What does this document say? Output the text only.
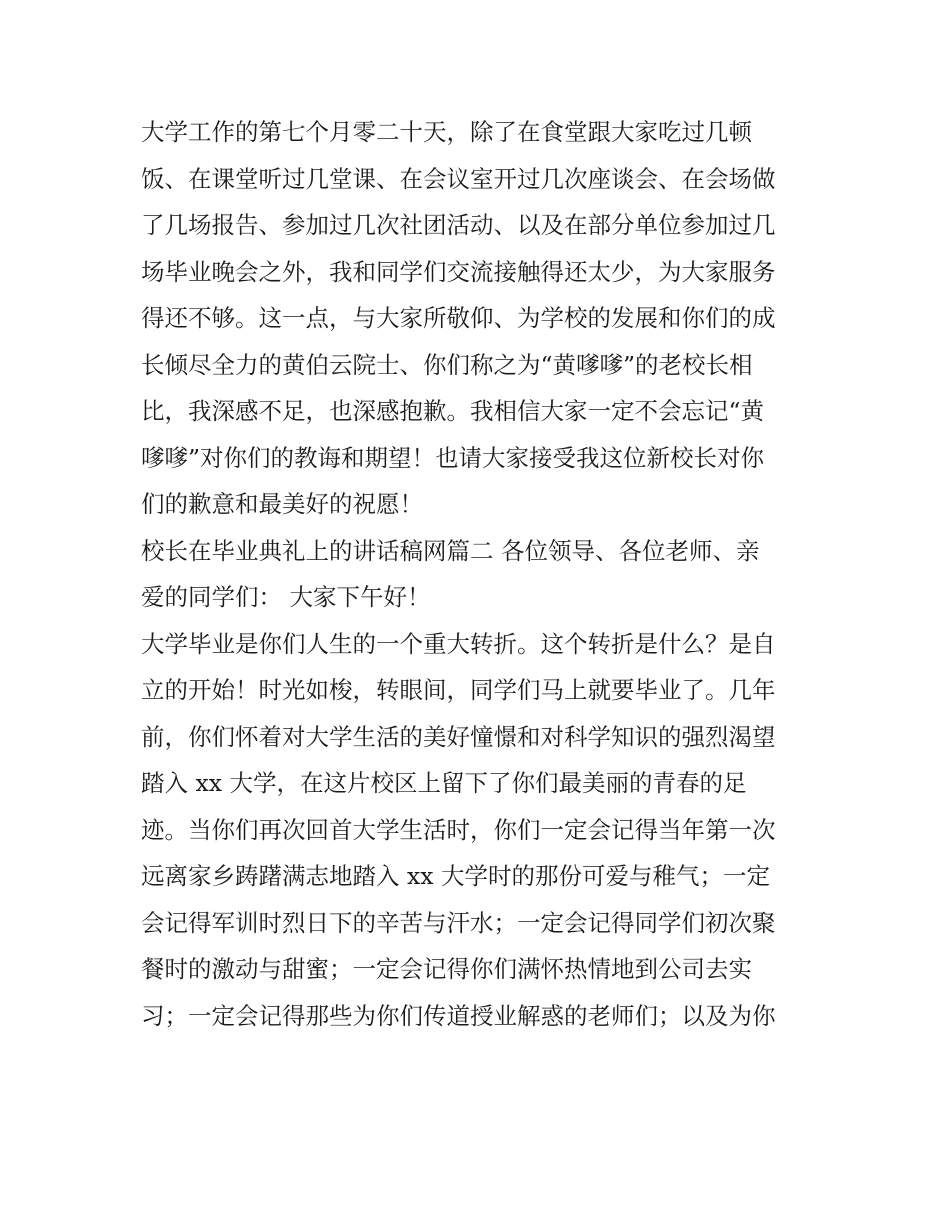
大学工作的第七个月零二十天，除了在食堂跟大家吃过几顿
饭、在课堂听过几堂课、在会议室开过几次座谈会、在会场做
了几场报告、参加过几次社团活动、以及在部分单位参加过几
场毕业晚会之外，我和同学们交流接触得还太少，为大家服务
得还不够。这一点，与大家所敬仰、为学校的发展和你们的成
长倾尽全力的黄伯云院士、你们称之为“黄嗲嗲”的老校长相
比，我深感不足，也深感抱歉。我相信大家一定不会忘记“黄
嗲嗲”对你们的教诲和期望！也请大家接受我这位新校长对你
们的歉意和最美好的祝愿！
校长在毕业典礼上的讲话稿网篇二 各位领导、各位老师、亲
爱的同学们： 大家下午好！
大学毕业是你们人生的一个重大转折。这个转折是什么？是自
立的开始！时光如梭，转眼间，同学们马上就要毕业了。几年
前，你们怀着对大学生活的美好憧憬和对科学知识的强烈渴望
踏入 xx 大学，在这片校区上留下了你们最美丽的青春的足
迹。当你们再次回首大学生活时，你们一定会记得当年第一次
远离家乡踌躇满志地踏入 xx 大学时的那份可爱与稚气；一定
会记得军训时烈日下的辛苦与汗水；一定会记得同学们初次聚
餐时的激动与甜蜜；一定会记得你们满怀热情地到公司去实
习；一定会记得那些为你们传道授业解惑的老师们；以及为你
